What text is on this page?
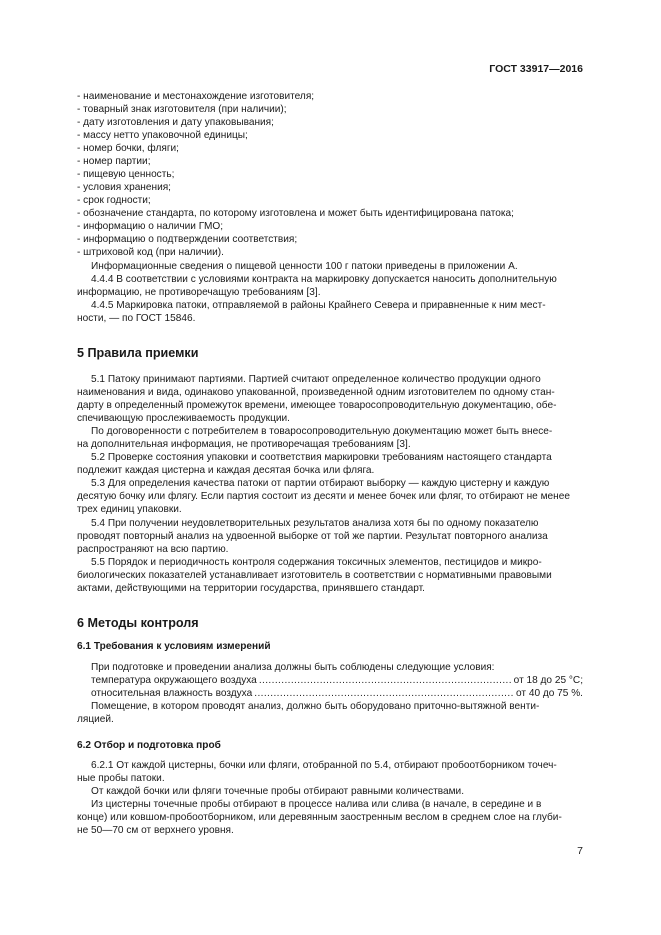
ГОСТ 33917—2016
- наименование и местонахождение изготовителя;
- товарный знак изготовителя (при наличии);
- дату изготовления и дату упаковывания;
- массу нетто упаковочной единицы;
- номер бочки, фляги;
- номер партии;
- пищевую ценность;
- условия хранения;
- срок годности;
- обозначение стандарта, по которому изготовлена и может быть идентифицирована патока;
- информацию о наличии ГМО;
- информацию о подтверждении соответствия;
- штриховой код (при наличии).
Информационные сведения о пищевой ценности 100 г патоки приведены в приложении А.
4.4.4 В соответствии с условиями контракта на маркировку допускается наносить дополнительную
информацию, не противоречащую требованиям [3].
4.4.5 Маркировка патоки, отправляемой в районы Крайнего Севера и приравненные к ним мест-
ности, — по ГОСТ 15846.
5 Правила приемки
5.1 Патоку принимают партиями. Партией считают определенное количество продукции одного
наименования и вида, одинаково упакованной, произведенной одним изготовителем по одному стан-
дарту в определенный промежуток времени, имеющее товаросопроводительную документацию, обе-
спечивающую прослеживаемость продукции.
По договоренности с потребителем в товаросопроводительную документацию может быть внесе-
на дополнительная информация, не противоречащая требованиям [3].
5.2 Проверке состояния упаковки и соответствия маркировки требованиям настоящего стандарта
подлежит каждая цистерна и каждая десятая бочка или фляга.
5.3 Для определения качества патоки от партии отбирают выборку — каждую цистерну и каждую
десятую бочку или флягу. Если партия состоит из десяти и менее бочек или фляг, то отбирают не менее
трех единиц упаковки.
5.4 При получении неудовлетворительных результатов анализа хотя бы по одному показателю
проводят повторный анализ на удвоенной выборке от той же партии. Результат повторного анализа
распространяют на всю партию.
5.5 Порядок и периодичность контроля содержания токсичных элементов, пестицидов и микро-
биологических показателей устанавливает изготовитель в соответствии с нормативными правовыми
актами, действующими на территории государства, принявшего стандарт.
6 Методы контроля
6.1 Требования к условиям измерений
При подготовке и проведении анализа должны быть соблюдены следующие условия:
температура окружающего воздуха .....	от 18 до 25 °С;
относительная влажность воздуха .....	от 40 до 75 %.
Помещение, в котором проводят анализ, должно быть оборудовано приточно-вытяжной венти-
ляцией.
6.2 Отбор и подготовка проб
6.2.1 От каждой цистерны, бочки или фляги, отобранной по 5.4, отбирают пробоотборником точеч-
ные пробы патоки.
От каждой бочки или фляги точечные пробы отбирают равными количествами.
Из цистерны точечные пробы отбирают в процессе налива или слива (в начале, в середине и в
конце) или ковшом-пробоотборником, или деревянным заостренным веслом в среднем слое на глуби-
не 50—70 см от верхнего уровня.
7
